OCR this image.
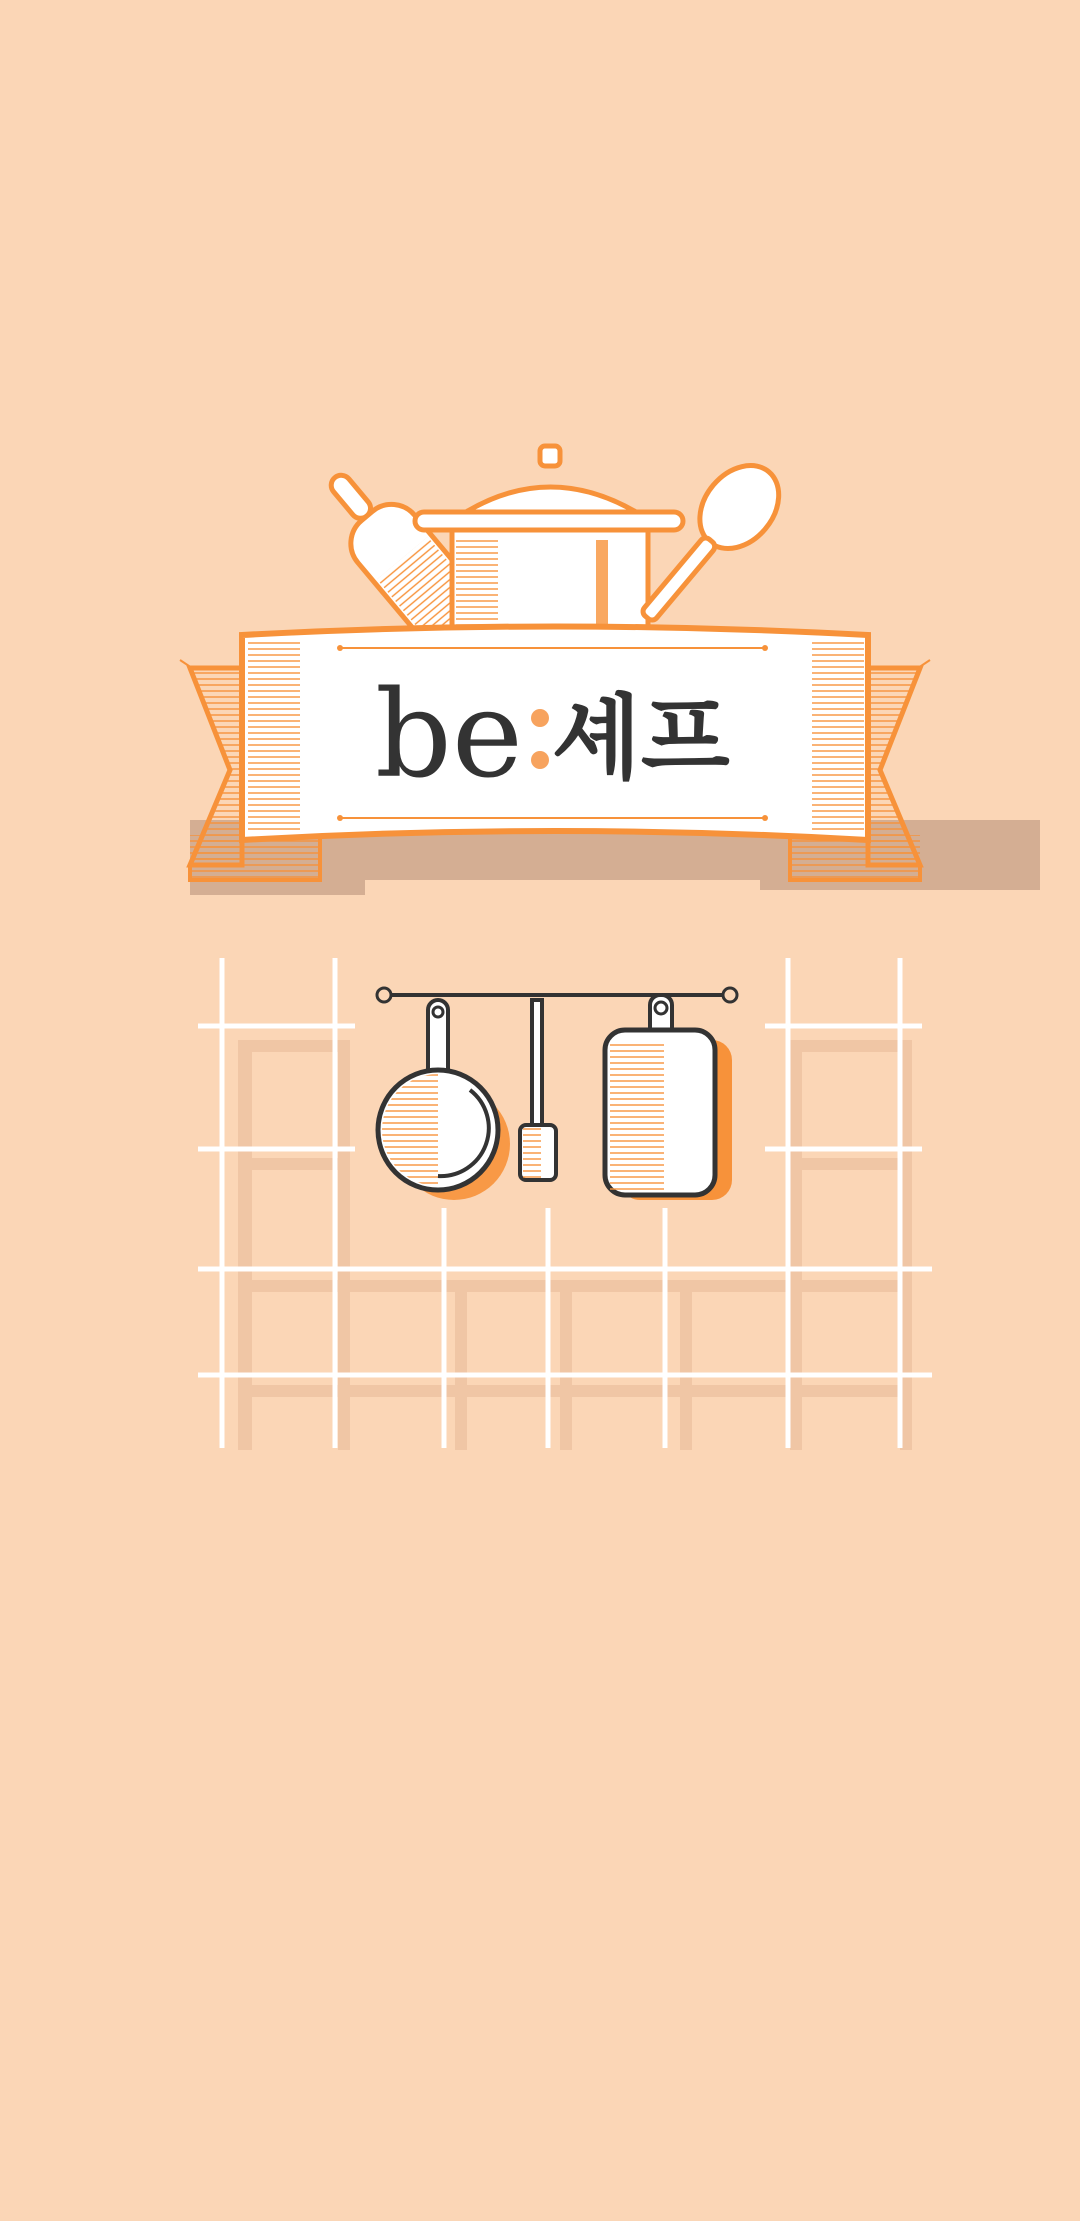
be 셰프
